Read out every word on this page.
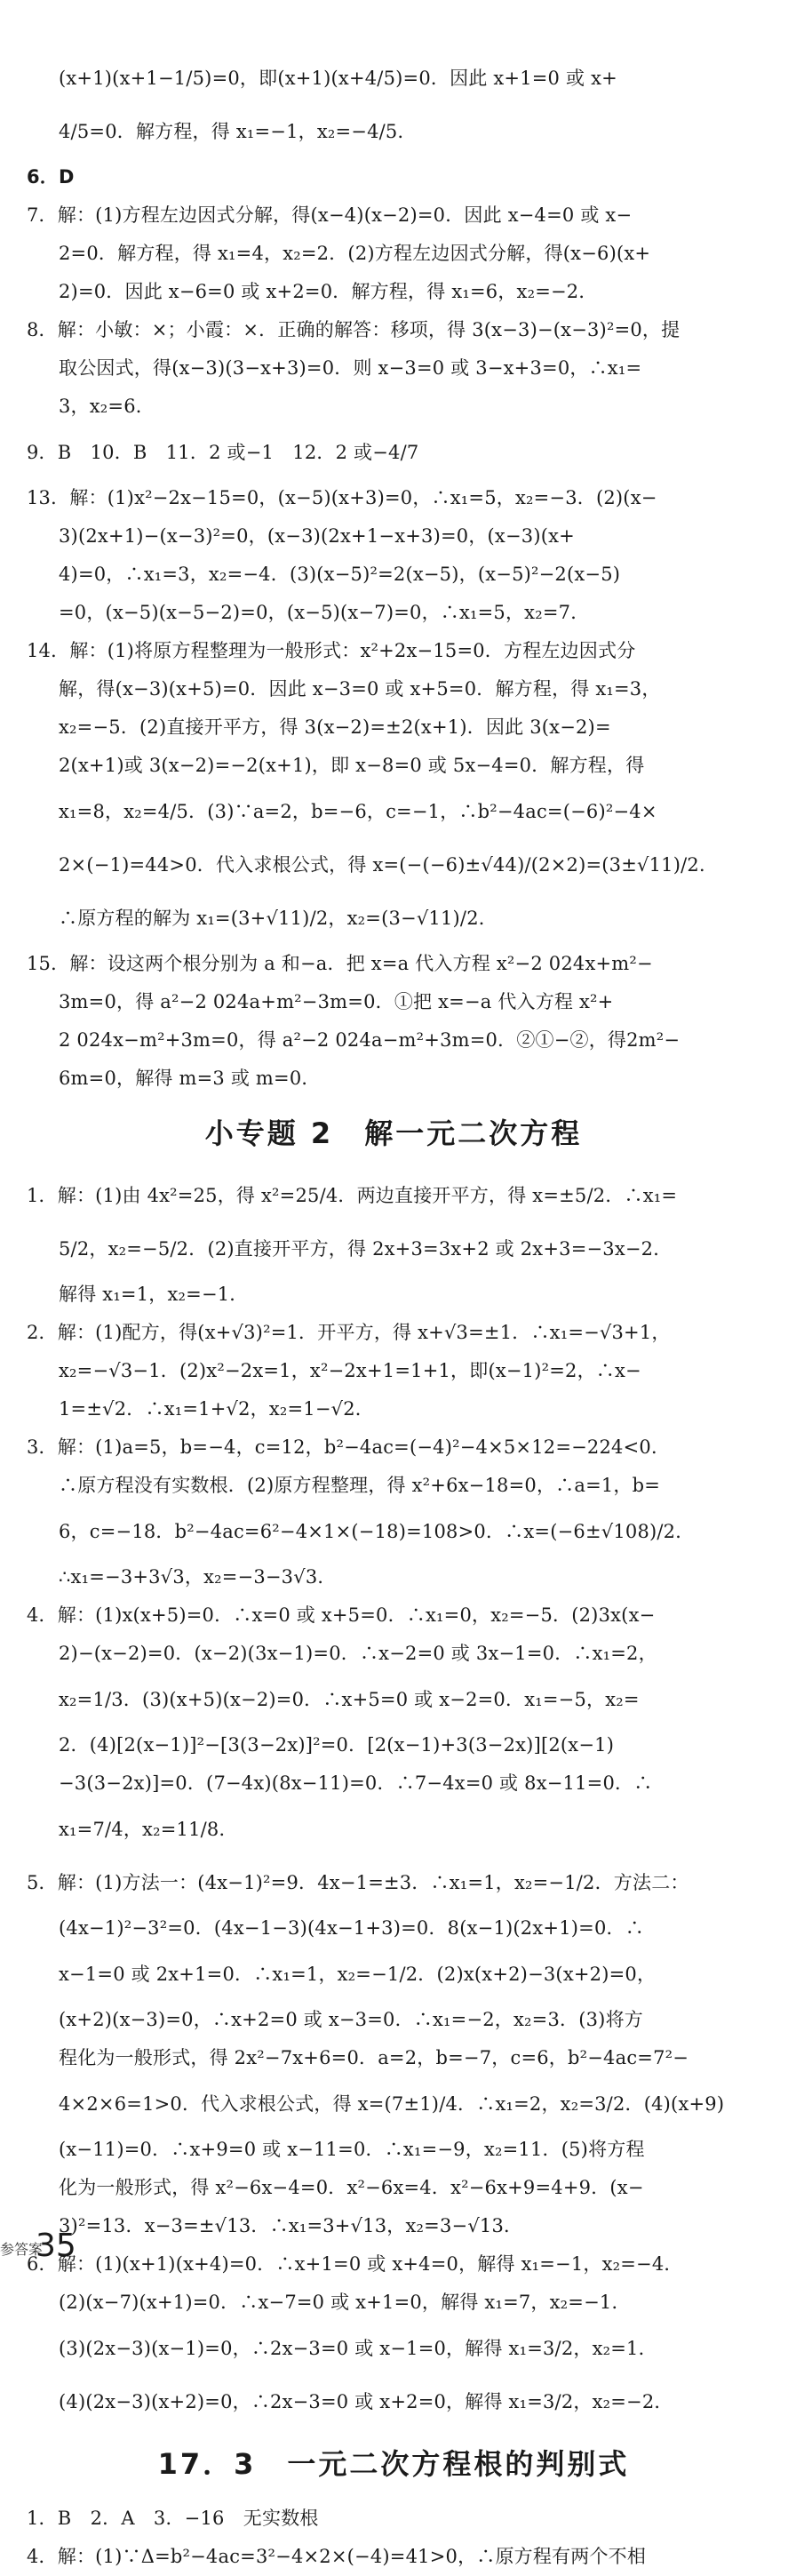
(x+1)(x+1−1/5)=0，即(x+1)(x+4/5)=0．因此 x+1=0 或 x+
4/5=0．解方程，得 x₁=−1，x₂=−4/5．
6．D
7．解：(1)方程左边因式分解，得(x−4)(x−2)=0．因此 x−4=0 或 x−
2=0．解方程，得 x₁=4，x₂=2．(2)方程左边因式分解，得(x−6)(x+
2)=0．因此 x−6=0 或 x+2=0．解方程，得 x₁=6，x₂=−2．
8．解：小敏：×；小霞：×．正确的解答：移项，得 3(x−3)−(x−3)²=0，提
取公因式，得(x−3)(3−x+3)=0．则 x−3=0 或 3−x+3=0，∴x₁=
3，x₂=6．
9．B　10．B　11．2 或−1　12．2 或−4/7
13．解：(1)x²−2x−15=0，(x−5)(x+3)=0，∴x₁=5，x₂=−3．(2)(x−
3)(2x+1)−(x−3)²=0，(x−3)(2x+1−x+3)=0，(x−3)(x+
4)=0，∴x₁=3，x₂=−4．(3)(x−5)²=2(x−5)，(x−5)²−2(x−5)
=0，(x−5)(x−5−2)=0，(x−5)(x−7)=0，∴x₁=5，x₂=7．
14．解：(1)将原方程整理为一般形式：x²+2x−15=0．方程左边因式分
解，得(x−3)(x+5)=0．因此 x−3=0 或 x+5=0．解方程，得 x₁=3，
x₂=−5．(2)直接开平方，得 3(x−2)=±2(x+1)．因此 3(x−2)=
2(x+1)或 3(x−2)=−2(x+1)，即 x−8=0 或 5x−4=0．解方程，得
x₁=8，x₂=4/5．(3)∵a=2，b=−6，c=−1，∴b²−4ac=(−6)²−4×
2×(−1)=44>0．代入求根公式，得 x=(−(−6)±√44)/(2×2)=(3±√11)/2．
∴原方程的解为 x₁=(3+√11)/2，x₂=(3−√11)/2．
15．解：设这两个根分别为 a 和−a．把 x=a 代入方程 x²−2 024x+m²−
3m=0，得 a²−2 024a+m²−3m=0．①把 x=−a 代入方程 x²+
2 024x−m²+3m=0，得 a²−2 024a−m²+3m=0．②①−②，得2m²−
6m=0，解得 m=3 或 m=0．
小专题 2　解一元二次方程
1．解：(1)由 4x²=25，得 x²=25/4．两边直接开平方，得 x=±5/2．∴x₁=
5/2，x₂=−5/2．(2)直接开平方，得 2x+3=3x+2 或 2x+3=−3x−2．
解得 x₁=1，x₂=−1．
2．解：(1)配方，得(x+√3)²=1．开平方，得 x+√3=±1．∴x₁=−√3+1，
x₂=−√3−1．(2)x²−2x=1，x²−2x+1=1+1，即(x−1)²=2，∴x−
1=±√2．∴x₁=1+√2，x₂=1−√2．
3．解：(1)a=5，b=−4，c=12，b²−4ac=(−4)²−4×5×12=−224<0．
∴原方程没有实数根．(2)原方程整理，得 x²+6x−18=0，∴a=1，b=
6，c=−18．b²−4ac=6²−4×1×(−18)=108>0．∴x=(−6±√108)/2．
∴x₁=−3+3√3，x₂=−3−3√3．
4．解：(1)x(x+5)=0．∴x=0 或 x+5=0．∴x₁=0，x₂=−5．(2)3x(x−
2)−(x−2)=0．(x−2)(3x−1)=0．∴x−2=0 或 3x−1=0．∴x₁=2，
x₂=1/3．(3)(x+5)(x−2)=0．∴x+5=0 或 x−2=0．x₁=−5，x₂=
2．(4)[2(x−1)]²−[3(3−2x)]²=0．[2(x−1)+3(3−2x)][2(x−1)
−3(3−2x)]=0．(7−4x)(8x−11)=0．∴7−4x=0 或 8x−11=0．∴
x₁=7/4，x₂=11/8．
5．解：(1)方法一：(4x−1)²=9．4x−1=±3．∴x₁=1，x₂=−1/2．方法二：
(4x−1)²−3²=0．(4x−1−3)(4x−1+3)=0．8(x−1)(2x+1)=0．∴
x−1=0 或 2x+1=0．∴x₁=1，x₂=−1/2．(2)x(x+2)−3(x+2)=0，
(x+2)(x−3)=0，∴x+2=0 或 x−3=0．∴x₁=−2，x₂=3．(3)将方
程化为一般形式，得 2x²−7x+6=0．a=2，b=−7，c=6，b²−4ac=7²−
4×2×6=1>0．代入求根公式，得 x=(7±1)/4．∴x₁=2，x₂=3/2．(4)(x+9)
(x−11)=0．∴x+9=0 或 x−11=0．∴x₁=−9，x₂=11．(5)将方程
化为一般形式，得 x²−6x−4=0．x²−6x=4．x²−6x+9=4+9．(x−
3)²=13．x−3=±√13．∴x₁=3+√13，x₂=3−√13．
6．解：(1)(x+1)(x+4)=0．∴x+1=0 或 x+4=0，解得 x₁=−1，x₂=−4．
(2)(x−7)(x+1)=0．∴x−7=0 或 x+1=0，解得 x₁=7，x₂=−1．
(3)(2x−3)(x−1)=0，∴2x−3=0 或 x−1=0，解得 x₁=3/2，x₂=1．
(4)(2x−3)(x+2)=0，∴2x−3=0 或 x+2=0，解得 x₁=3/2，x₂=−2．
17．3　一元二次方程根的判别式
1．B　2．A　3．−16　无实数根
4．解：(1)∵Δ=b²−4ac=3²−4×2×(−4)=41>0，∴原方程有两个不相
参答案
35
